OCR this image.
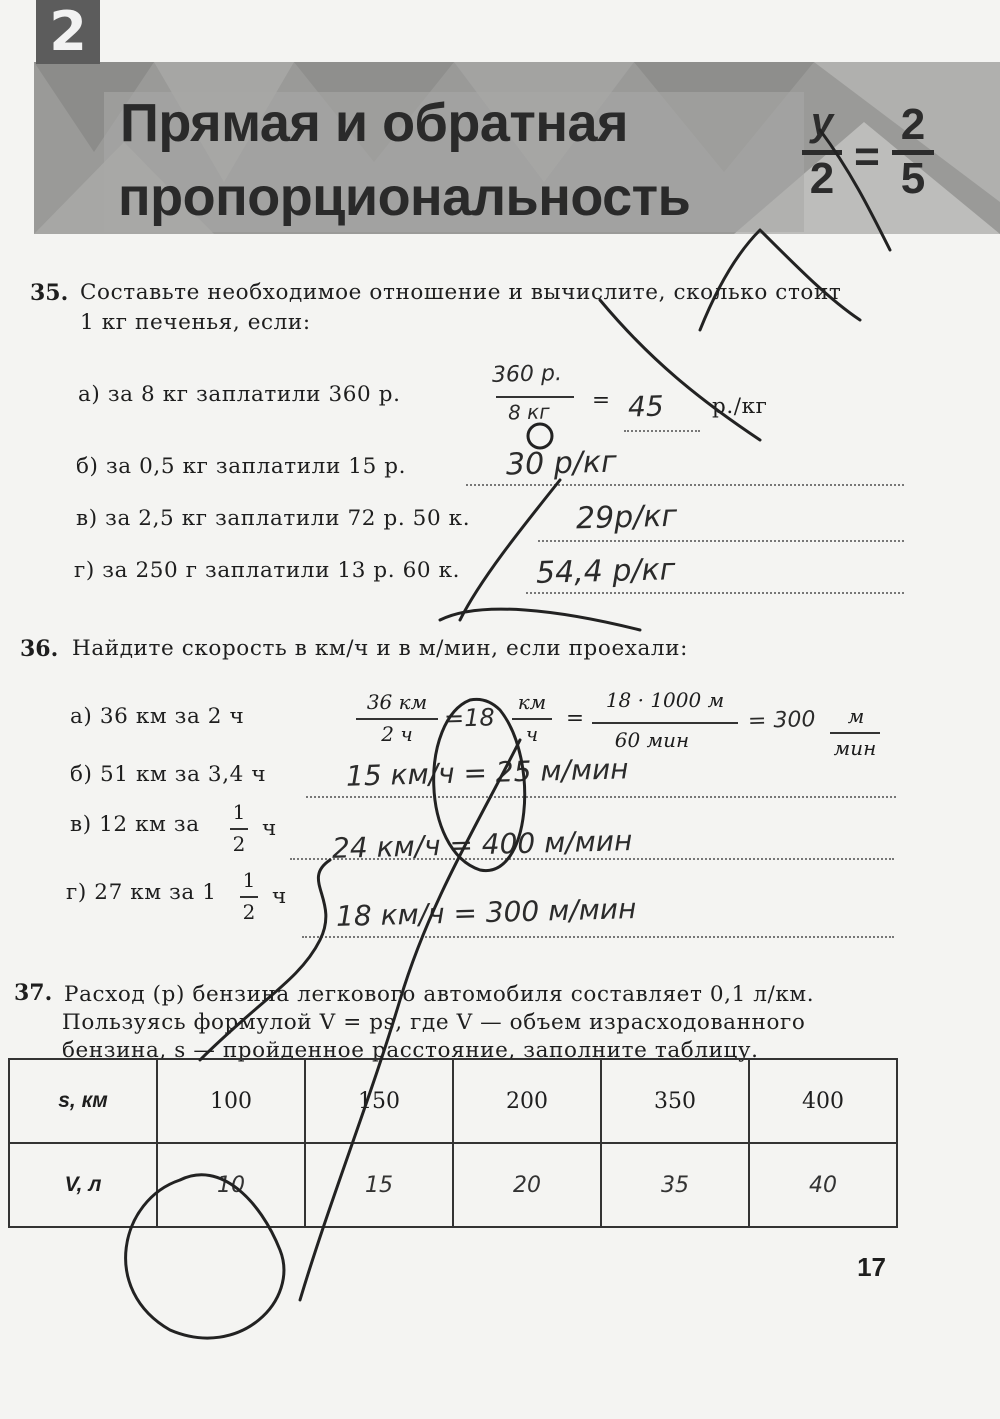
2
Прямая и обратная
пропорциональность
y
2 =
2
5
35. Составьте необходимое отношение и вычислите, сколько стоит
1 кг печенья, если:
а) за 8 кг заплатили 360 р.
360 р.
8 кг = 45 р./кг
б) за 0,5 кг заплатили 15 р.	30 р/кг
в) за 2,5 кг заплатили 72 р. 50 к.	29р/кг
г) за 250 г заплатили 13 р. 60 к.	54,4 р/кг
36. Найдите скорость в км/ч и в м/мин, если проехали:
а) 36 км за 2 ч
36 км
2 ч
=18
км
ч
=
18 · 1000 м
60 мин
= 300	м
мин
б) 51 км за 3,4 ч	15 км/ч = 25 м/мин
в) 12 км за 1
2
ч 24 км/ч = 400 м/мин
г) 27 км за 1 1
2
ч 18 км/ч = 300 м/мин
37. Расход (p) бензина легкового автомобиля составляет 0,1 л/км.
Пользуясь формулой V = ps, где V — объем израсходованного
бензина, s — пройденное расстояние, заполните таблицу.
s, км	100	150	200	350	400
V, л	10	15	20	35	40
17
